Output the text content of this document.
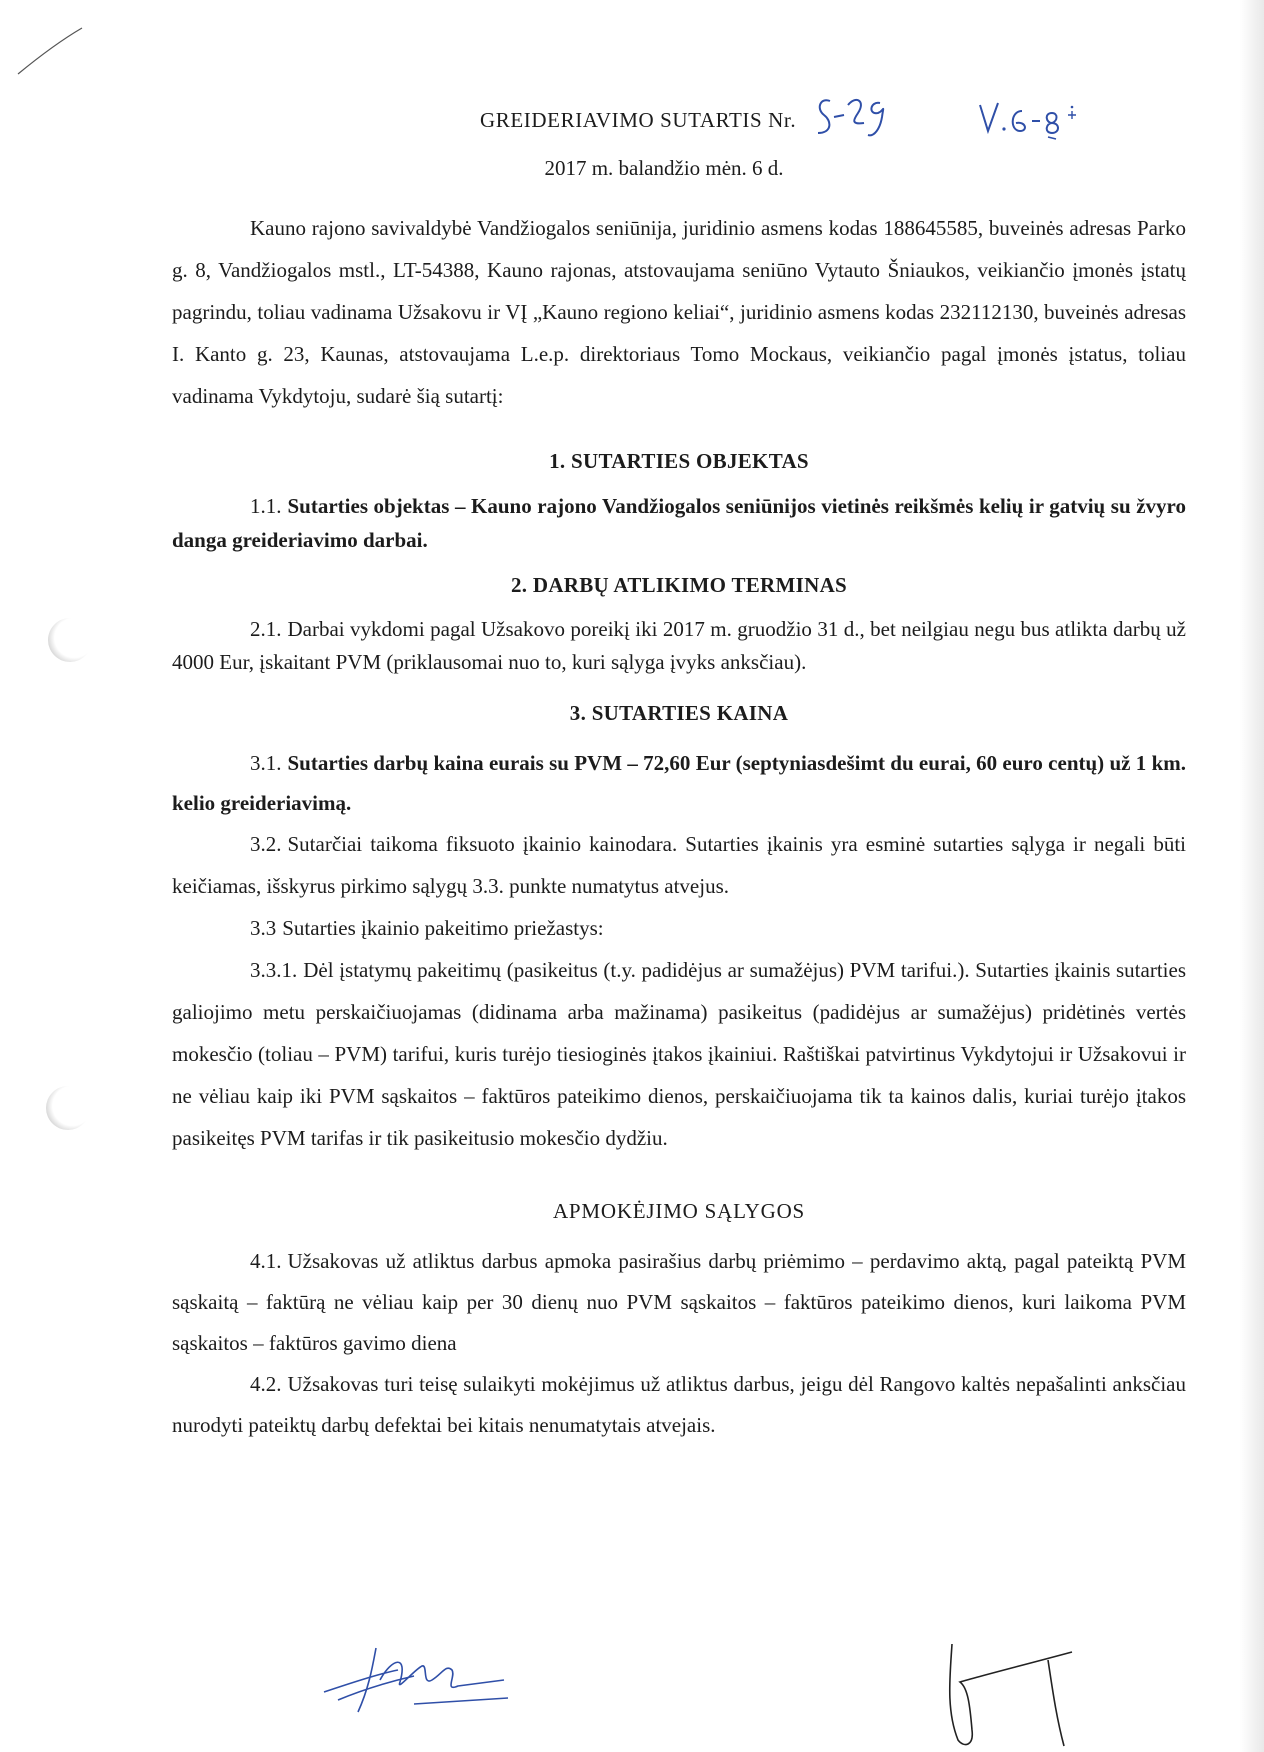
GREIDERIAVIMO SUTARTIS Nr.
2017 m. balandžio mėn. 6 d.

Kauno rajono savivaldybė Vandžiogalos seniūnija, juridinio asmens kodas 188645585, buveinės adresas Parko g. 8, Vandžiogalos mstl., LT-54388, Kauno rajonas, atstovaujama seniūno Vytauto Šniaukos, veikiančio įmonės įstatų pagrindu, toliau vadinama Užsakovu ir VĮ „Kauno regiono keliai“, juridinio asmens kodas 232112130, buveinės adresas I. Kanto g. 23, Kaunas, atstovaujama L.e.p. direktoriaus Tomo Mockaus, veikiančio pagal įmonės įstatus, toliau vadinama Vykdytoju, sudarė šią sutartį:

1. SUTARTIES OBJEKTAS

1.1. Sutarties objektas – Kauno rajono Vandžiogalos seniūnijos vietinės reikšmės kelių ir gatvių su žvyro danga greideriavimo darbai.

2. DARBŲ ATLIKIMO TERMINAS

2.1. Darbai vykdomi pagal Užsakovo poreikį iki 2017 m. gruodžio 31 d., bet neilgiau negu bus atlikta darbų už 4000 Eur, įskaitant PVM (priklausomai nuo to, kuri sąlyga įvyks anksčiau).

3. SUTARTIES KAINA

3.1. Sutarties darbų kaina eurais su PVM – 72,60 Eur (septyniasdešimt du eurai, 60 euro centų) už 1 km. kelio greideriavimą.

3.2. Sutarčiai taikoma fiksuoto įkainio kainodara. Sutarties įkainis yra esminė sutarties sąlyga ir negali būti keičiamas, išskyrus pirkimo sąlygų 3.3. punkte numatytus atvejus.

3.3 Sutarties įkainio pakeitimo priežastys:

3.3.1. Dėl įstatymų pakeitimų (pasikeitus (t.y. padidėjus ar sumažėjus) PVM tarifui.). Sutarties įkainis sutarties galiojimo metu perskaičiuojamas (didinama arba mažinama) pasikeitus (padidėjus ar sumažėjus) pridėtinės vertės mokesčio (toliau – PVM) tarifui, kuris turėjo tiesioginės įtakos įkainiui. Raštiškai patvirtinus Vykdytojui ir Užsakovui ir ne vėliau kaip iki PVM sąskaitos – faktūros pateikimo dienos, perskaičiuojama tik ta kainos dalis, kuriai turėjo įtakos pasikeitęs PVM tarifas ir tik pasikeitusio mokesčio dydžiu.

APMOKĖJIMO SĄLYGOS

4.1. Užsakovas už atliktus darbus apmoka pasirašius darbų priėmimo – perdavimo aktą, pagal pateiktą PVM sąskaitą – faktūrą ne vėliau kaip per 30 dienų nuo PVM sąskaitos – faktūros pateikimo dienos, kuri laikoma PVM sąskaitos – faktūros gavimo diena

4.2. Užsakovas turi teisę sulaikyti mokėjimus už atliktus darbus, jeigu dėl Rangovo kaltės nepašalinti anksčiau nurodyti pateiktų darbų defektai bei kitais nenumatytais atvejais.
